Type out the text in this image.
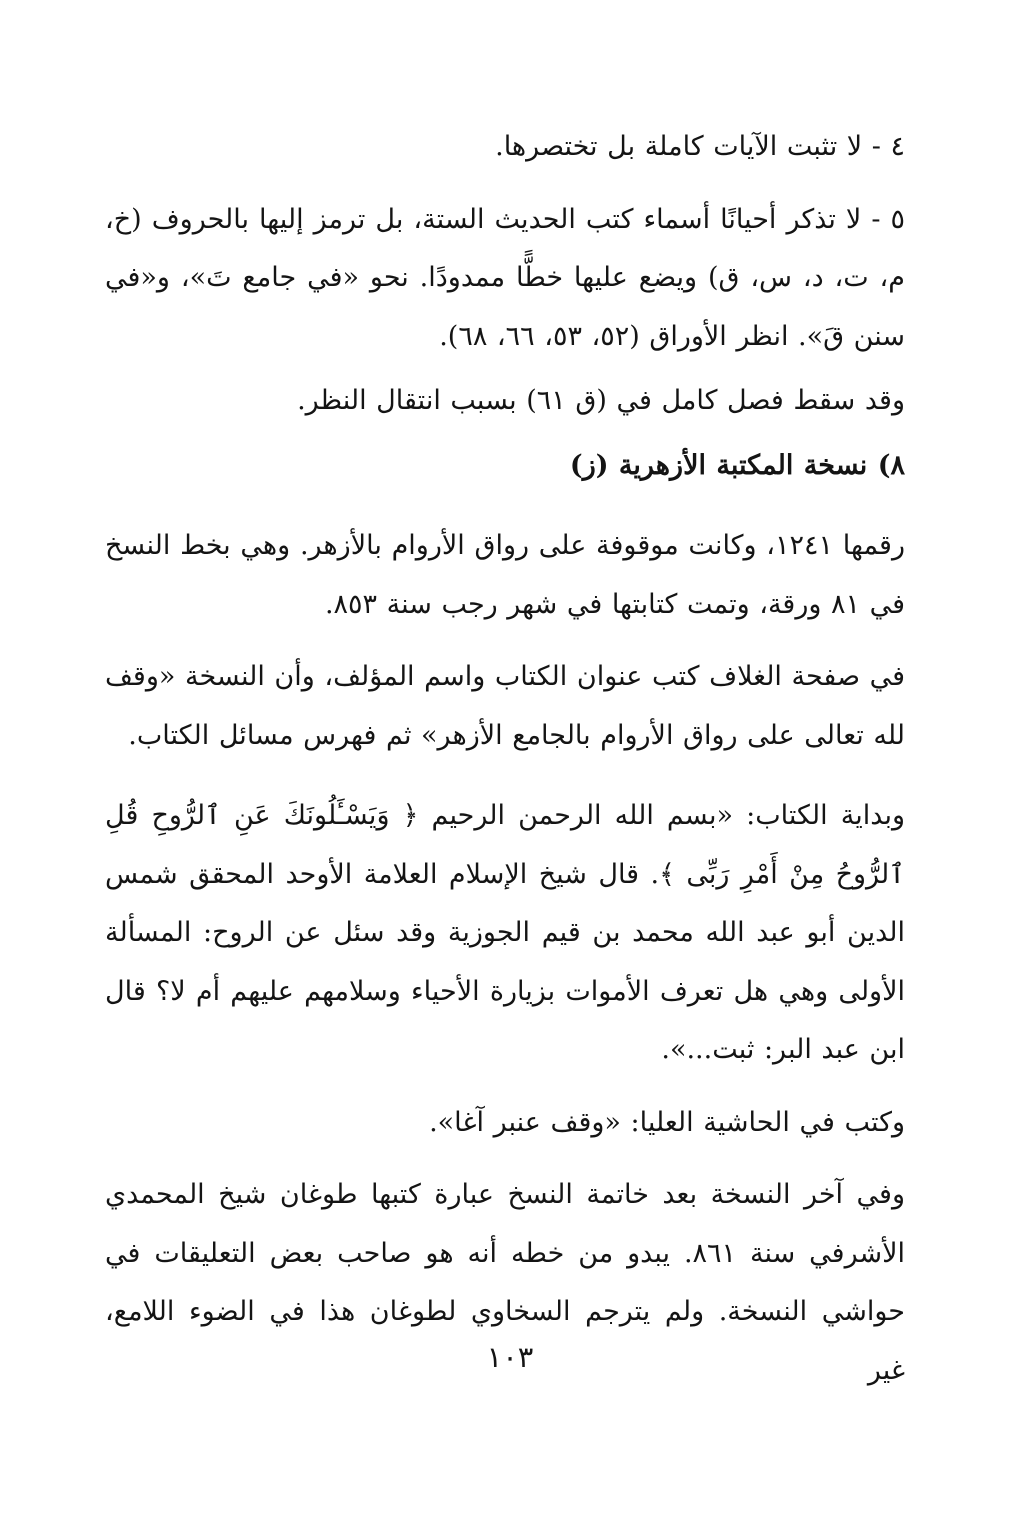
٤ - لا تثبت الآيات كاملة بل تختصرها.

٥ - لا تذكر أحيانًا أسماء كتب الحديث الستة، بل ترمز إليها بالحروف (خ، م، ت، د، س، ق) ويضع عليها خطًّا ممدودًا. نحو «في جامع تَ»، و«في سنن قَ». انظر الأوراق (٥٢، ٥٣، ٦٦، ٦٨).

وقد سقط فصل كامل في (ق ٦١) بسبب انتقال النظر.

٨) نسخة المكتبة الأزهرية (ز)

رقمها ١٢٤١، وكانت موقوفة على رواق الأروام بالأزهر. وهي بخط النسخ في ٨١ ورقة، وتمت كتابتها في شهر رجب سنة ٨٥٣.

في صفحة الغلاف كتب عنوان الكتاب واسم المؤلف، وأن النسخة «وقف لله تعالى على رواق الأروام بالجامع الأزهر» ثم فهرس مسائل الكتاب.

وبداية الكتاب: «بسم الله الرحمن الرحيم ﴿ وَيَسْـَٔلُونَكَ عَنِ ٱلرُّوحِ قُلِ ٱلرُّوحُ مِنْ أَمْرِ رَبِّى ﴾. قال شيخ الإسلام العلامة الأوحد المحقق شمس الدين أبو عبد الله محمد بن قيم الجوزية وقد سئل عن الروح: المسألة الأولى وهي هل تعرف الأموات بزيارة الأحياء وسلامهم عليهم أم لا؟ قال ابن عبد البر: ثبت...».

وكتب في الحاشية العليا: «وقف عنبر آغا».

وفي آخر النسخة بعد خاتمة النسخ عبارة كتبها طوغان شيخ المحمدي الأشرفي سنة ٨٦١. يبدو من خطه أنه هو صاحب بعض التعليقات في حواشي النسخة. ولم يترجم السخاوي لطوغان هذا في الضوء اللامع، غير

١٠٣
